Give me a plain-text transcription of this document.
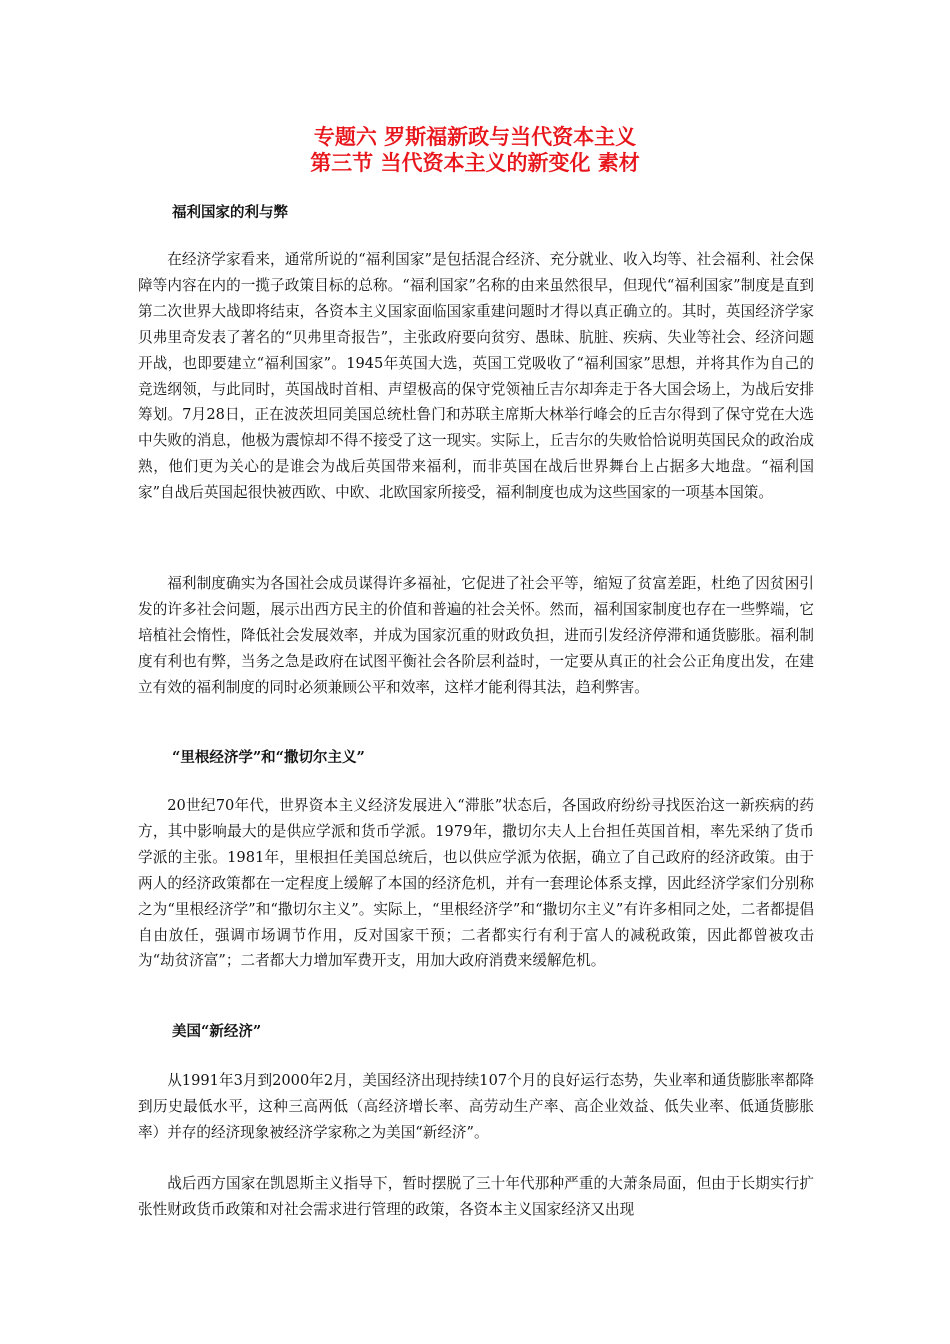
专题六 罗斯福新政与当代资本主义
第三节 当代资本主义的新变化 素材
福利国家的利与弊

在经济学家看来，通常所说的“福利国家”是包括混合经济、充分就业、收入均等、社会福利、社会保障等内容在内的一揽子政策目标的总称。“福利国家”名称的由来虽然很早，但现代“福利国家”制度是直到第二次世界大战即将结束，各资本主义国家面临国家重建问题时才得以真正确立的。其时，英国经济学家贝弗里奇发表了著名的“贝弗里奇报告”，主张政府要向贫穷、愚昧、肮脏、疾病、失业等社会、经济问题开战，也即要建立“福利国家”。1945年英国大选，英国工党吸收了“福利国家”思想，并将其作为自己的竞选纲领，与此同时，英国战时首相、声望极高的保守党领袖丘吉尔却奔走于各大国会场上，为战后安排筹划。7月28日，正在波茨坦同美国总统杜鲁门和苏联主席斯大林举行峰会的丘吉尔得到了保守党在大选中失败的消息，他极为震惊却不得不接受了这一现实。实际上，丘吉尔的失败恰恰说明英国民众的政治成熟，他们更为关心的是谁会为战后英国带来福利，而非英国在战后世界舞台上占据多大地盘。“福利国家”自战后英国起很快被西欧、中欧、北欧国家所接受，福利制度也成为这些国家的一项基本国策。

福利制度确实为各国社会成员谋得许多福祉，它促进了社会平等，缩短了贫富差距，杜绝了因贫困引发的许多社会问题，展示出西方民主的价值和普遍的社会关怀。然而，福利国家制度也存在一些弊端，它培植社会惰性，降低社会发展效率，并成为国家沉重的财政负担，进而引发经济停滞和通货膨胀。福利制度有利也有弊，当务之急是政府在试图平衡社会各阶层利益时，一定要从真正的社会公正角度出发，在建立有效的福利制度的同时必须兼顾公平和效率，这样才能利得其法，趋利弊害。

“里根经济学”和“撒切尔主义”

20世纪70年代，世界资本主义经济发展进入“滞胀”状态后，各国政府纷纷寻找医治这一新疾病的药方，其中影响最大的是供应学派和货币学派。1979年，撒切尔夫人上台担任英国首相，率先采纳了货币学派的主张。1981年，里根担任美国总统后，也以供应学派为依据，确立了自己政府的经济政策。由于两人的经济政策都在一定程度上缓解了本国的经济危机，并有一套理论体系支撑，因此经济学家们分别称之为“里根经济学”和“撒切尔主义”。实际上，“里根经济学”和“撒切尔主义”有许多相同之处，二者都提倡自由放任，强调市场调节作用，反对国家干预；二者都实行有利于富人的减税政策，因此都曾被攻击为“劫贫济富”；二者都大力增加军费开支，用加大政府消费来缓解危机。

美国“新经济”

从1991年3月到2000年2月，美国经济出现持续107个月的良好运行态势，失业率和通货膨胀率都降到历史最低水平，这种三高两低（高经济增长率、高劳动生产率、高企业效益、低失业率、低通货膨胀率）并存的经济现象被经济学家称之为美国“新经济”。

战后西方国家在凯恩斯主义指导下，暂时摆脱了三十年代那种严重的大萧条局面，但由于长期实行扩张性财政货币政策和对社会需求进行管理的政策，各资本主义国家经济又出现
